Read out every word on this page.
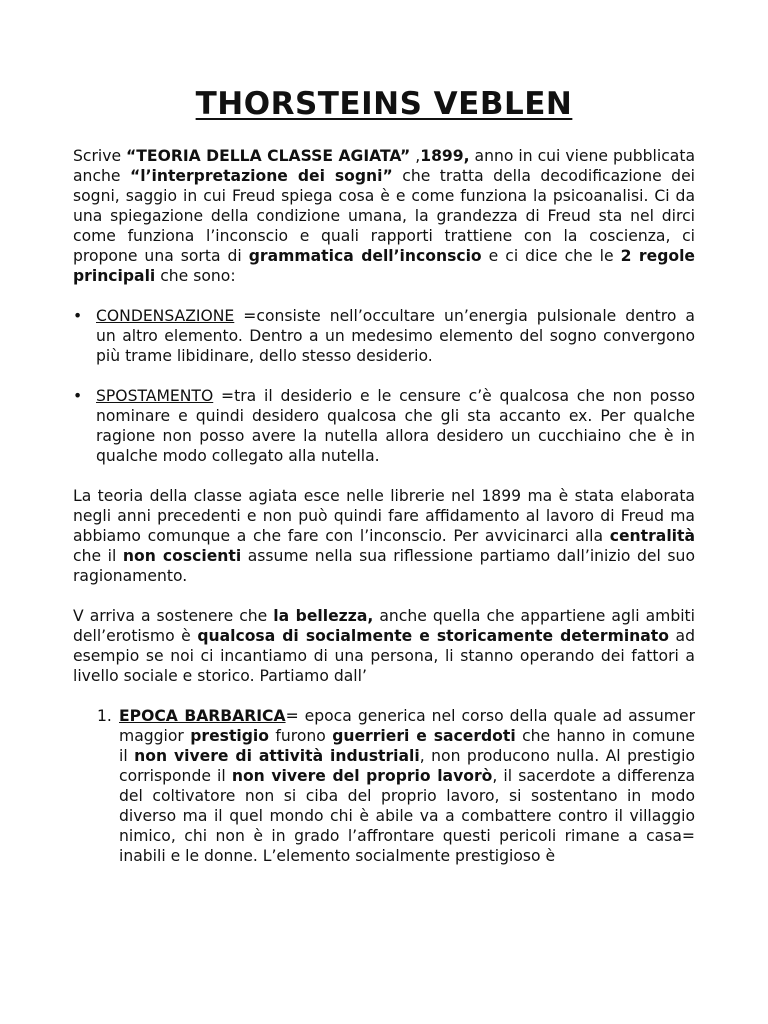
THORSTEINS VEBLEN

Scrive “TEORIA DELLA CLASSE AGIATA” ,1899, anno in cui viene pubblicata anche “l’interpretazione dei sogni” che tratta della decodificazione dei sogni, saggio in cui Freud spiega cosa è e come funziona la psicoanalisi. Ci da una spiegazione della condizione umana, la grandezza di Freud sta nel dirci come funziona l’inconscio e quali rapporti trattiene con la coscienza, ci propone una sorta di grammatica dell’inconscio e ci dice che le 2 regole principali che sono:

• CONDENSAZIONE =consiste nell’occultare un’energia pulsionale dentro a un altro elemento. Dentro a un medesimo elemento del sogno convergono più trame libidinare, dello stesso desiderio.

• SPOSTAMENTO =tra il desiderio e le censure c’è qualcosa che non posso nominare e quindi desidero qualcosa che gli sta accanto ex. Per qualche ragione non posso avere la nutella allora desidero un cucchiaino che è in qualche modo collegato alla nutella.

La teoria della classe agiata esce nelle librerie nel 1899 ma è stata elaborata negli anni precedenti e non può quindi fare affidamento al lavoro di Freud ma abbiamo comunque a che fare con l’inconscio. Per avvicinarci alla centralità che il non coscienti assume nella sua riflessione partiamo dall’inizio del suo ragionamento.

V arriva a sostenere che la bellezza, anche quella che appartiene agli ambiti dell’erotismo è qualcosa di socialmente e storicamente determinato ad esempio se noi ci incantiamo di una persona, li stanno operando dei fattori a livello sociale e storico. Partiamo dall’

1. EPOCA BARBARICA= epoca generica nel corso della quale ad assumer maggior prestigio furono guerrieri e sacerdoti che hanno in comune il non vivere di attività industriali, non producono nulla. Al prestigio corrisponde il non vivere del proprio lavorò, il sacerdote a differenza del coltivatore non si ciba del proprio lavoro, si sostentano in modo diverso ma il quel mondo chi è abile va a combattere contro il villaggio nimico, chi non è in grado l’affrontare questi pericoli rimane a casa= inabili e le donne. L’elemento socialmente prestigioso è
